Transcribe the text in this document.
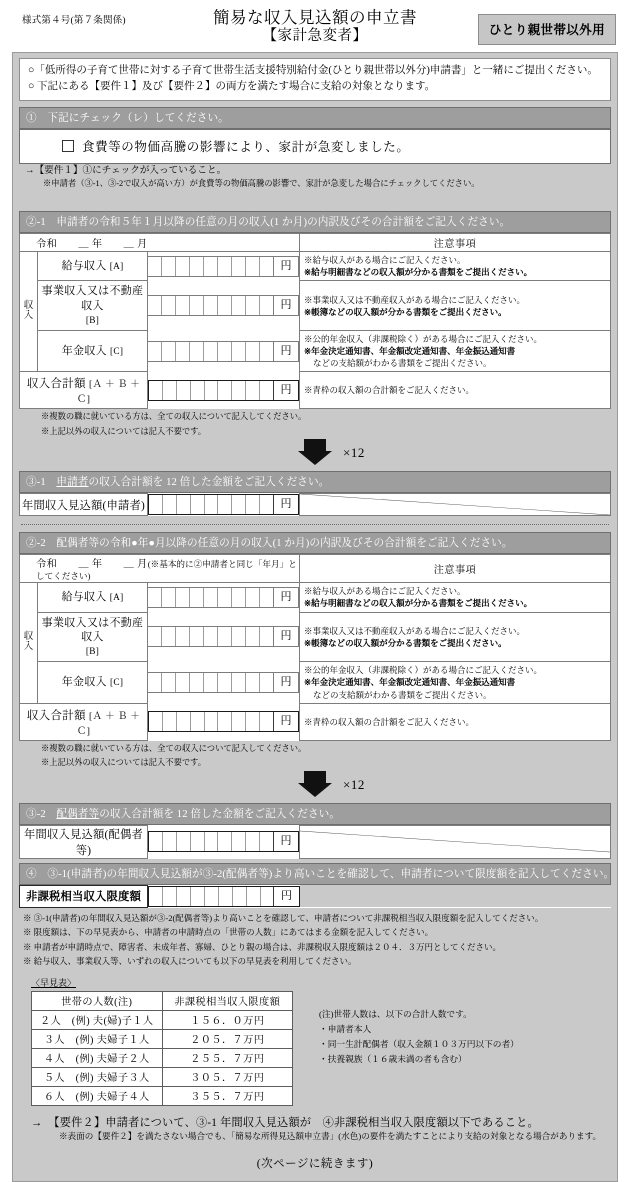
様式第４号(第７条関係)	簡易な収入見込額の申立書
【家計急変者】	ひとり親世帯以外用
○「低所得の子育て世帯に対する子育て世帯生活支援特別給付金(ひとり親世帯以外分)申請書」と一緒にご提出ください。
○ 下記にある【要件１】及び【要件２】の両方を満たす場合に支給の対象となります。
①　下記にチェック（レ）してください。
食費等の物価高騰の影響により、家計が急変しました。
→【要件１】①にチェックが入っていること。
※申請者（③-1、③-2で収入が高い方）が食費等の物価高騰の影響で、家計が急変した場合にチェックしてください。
②-1　申請者の令和５年１月以降の任意の月の収入(1 か月)の内訳及びその合計額をご記入ください。
令和　　＿ 年　　＿ 月			注意事項
収
入	給与収入 [A]	円	※給与収入がある場合にご記入ください。
※給与明細書などの収入額が分かる書類をご提出ください。
	事業収入又は不動産収入
[B]	円	※事業収入又は不動産収入がある場合にご記入ください。
※帳簿などの収入額が分かる書類をご提出ください。
	年金収入 [C]	円	※公的年金収入（非課税除く）がある場合にご記入ください。
※年金決定通知書、年金額改定通知書、年金振込通知書

などの支給額がわかる書類をご提出ください。

収入合計額 [Ａ ＋ Ｂ ＋ Ｃ]		円	※青枠の収入額の合計額をご記入ください。
※複数の職に就いている方は、全ての収入について記入してください。
※上記以外の収入については記入不要です。
×12
③-1　申請者の収入合計額を 12 倍した金額をご記入ください。
年間収入見込額(申請者)	円

②-2　配偶者等の令和●年●月以降の任意の月の収入(1 か月)の内訳及びその合計額をご記入ください。
令和　　＿ 年　　＿ 月(※基本的に②申請者と同じ「年月」としてください)			注意事項
収
入	給与収入 [A]	円	※給与収入がある場合にご記入ください。
※給与明細書などの収入額が分かる書類をご提出ください。
	事業収入又は不動産収入
[B]	円	※事業収入又は不動産収入がある場合にご記入ください。
※帳簿などの収入額が分かる書類をご提出ください。
	年金収入 [C]	円	※公的年金収入（非課税除く）がある場合にご記入ください。
※年金決定通知書、年金額改定通知書、年金振込通知書

などの支給額がわかる書類をご提出ください。

収入合計額 [Ａ ＋ Ｂ ＋ Ｃ]		円	※青枠の収入額の合計額をご記入ください。
※複数の職に就いている方は、全ての収入について記入してください。
※上記以外の収入については記入不要です。
×12
③-2　配偶者等の収入合計額を 12 倍した金額をご記入ください。
年間収入見込額(配偶者等)	
円

④　③-1(申請者)の年間収入見込額が③-2(配偶者等)より高いことを確認して、申請者について限度額を記入してください。
非課税相当収入限度額	円

※ ③-1(申請者)の年間収入見込額が③-2(配偶者等)より高いことを確認して、申請者について非課税相当収入限度額を記入してください。
※ 限度額は、下の早見表から、申請者の申請時点の「世帯の人数」にあてはまる金額を記入してください。
※ 申請者が申請時点で、障害者、未成年者、寡婦、ひとり親の場合は、非課税収入限度額は２０４．３万円としてください。
※ 給与収入、事業収入等、いずれの収入についても以下の早見表を利用してください。
〈早見表〉
世帯の人数(注)	非課税相当収入限度額
２人　(例) 夫(婦)子１人	１５６．０万円
３人　(例) 夫婦子１人	２０５．７万円
４人　(例) 夫婦子２人	２５５．７万円
５人　(例) 夫婦子３人	３０５．７万円
６人　(例) 夫婦子４人	３５５．７万円
(注)世帯人数は、以下の合計人数です。
・申請者本人
・同一生計配偶者（収入金額１０３万円以下の者）
・扶養親族（１６歳未満の者も含む）
→ 【要件２】申請者について、③-1 年間収入見込額が　④非課税相当収入限度額以下であること。
※表面の【要件２】を満たさない場合でも、「簡易な所得見込額申立書」(水色)の要件を満たすことにより支給の対象となる場合があります。
(次ページに続きます)
